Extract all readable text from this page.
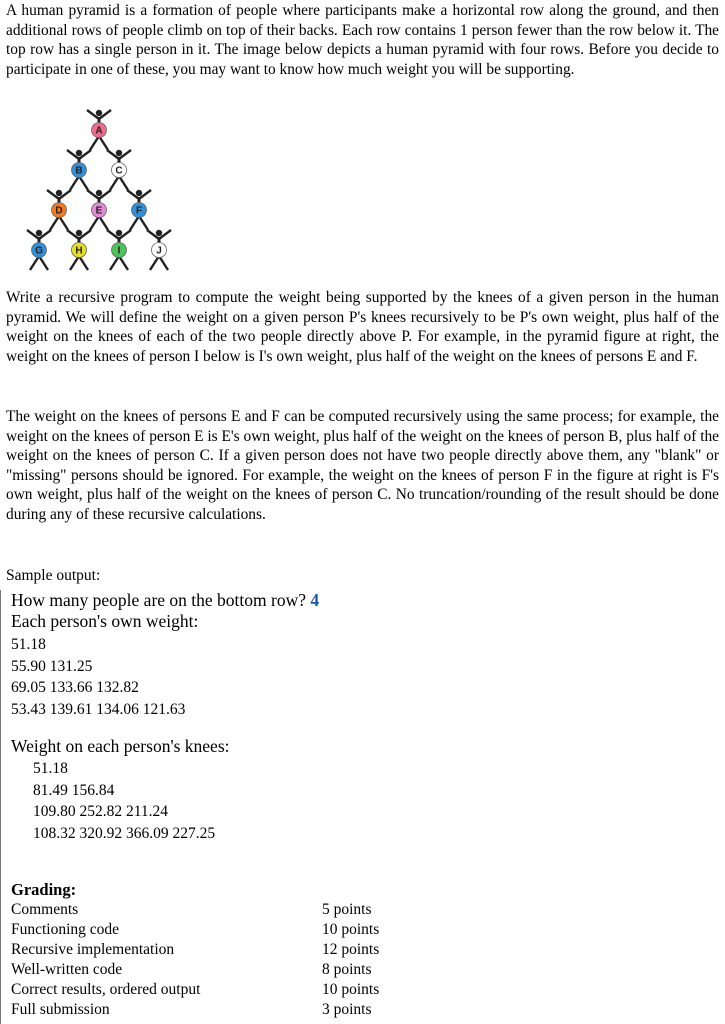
A human pyramid is a formation of people where participants make a horizontal row along the ground, and then additional rows of people climb on top of their backs. Each row contains 1 person fewer than the row below it. The top row has a single person in it. The image below depicts a human pyramid with four rows. Before you decide to participate in one of these, you may want to know how much weight you will be supporting.
A
B	C
D	E	F
G	H	I	J
Write a recursive program to compute the weight being supported by the knees of a given person in the human pyramid. We will define the weight on a given person P's knees recursively to be P's own weight, plus half of the weight on the knees of each of the two people directly above P. For example, in the pyramid figure at right, the weight on the knees of person I below is I's own weight, plus half of the weight on the knees of persons E and F.
The weight on the knees of persons E and F can be computed recursively using the same process; for example, the weight on the knees of person E is E's own weight, plus half of the weight on the knees of person B, plus half of the weight on the knees of person C. If a given person does not have two people directly above them, any "blank" or "missing" persons should be ignored. For example, the weight on the knees of person F in the figure at right is F's own weight, plus half of the weight on the knees of person C. No truncation/rounding of the result should be done during any of these recursive calculations.
Sample output:
How many people are on the bottom row? 4
Each person's own weight:
51.18
55.90 131.25
69.05 133.66 132.82
53.43 139.61 134.06 121.63
Weight on each person's knees:
51.18
81.49 156.84
109.80 252.82 211.24
108.32 320.92 366.09 227.25
Grading:
Comments	5 points
Functioning code	10 points
Recursive implementation	12 points
Well-written code	8 points
Correct results, ordered output	10 points
Full submission	3 points
